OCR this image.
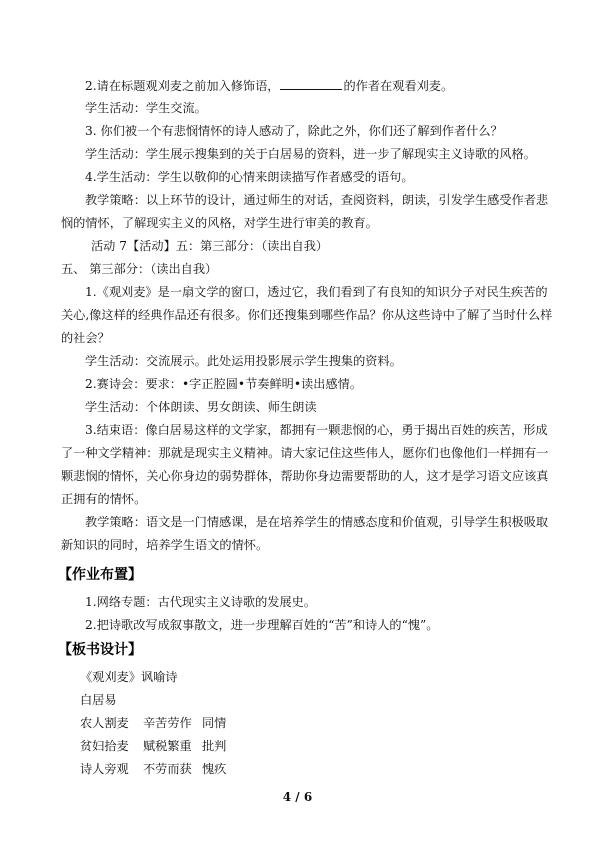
2.请在标题观刈麦之前加入修饰语，	的作者在观看刈麦。
学生活动：学生交流。
3. 你们被一个有悲悯情怀的诗人感动了，除此之外，你们还了解到作者什么？
学生活动：学生展示搜集到的关于白居易的资料，进一步了解现实主义诗歌的风格。
4.学生活动：学生以敬仰的心情来朗读描写作者感受的语句。
教学策略：以上环节的设计，通过师生的对话，查阅资料，朗读，引发学生感受作者悲
悯的情怀，了解现实主义的风格，对学生进行审美的教育。
活动 7【活动】五：第三部分：（读出自我）
五、 第三部分：（读出自我）
1.《观刈麦》是一扇文学的窗口，透过它，我们看到了有良知的知识分子对民生疾苦的
关心,像这样的经典作品还有很多。你们还搜集到哪些作品？你从这些诗中了解了当时什么样
的社会？
学生活动：交流展示。此处运用投影展示学生搜集的资料。
2.赛诗会：要求：•字正腔圆•节奏鲜明•读出感情。
学生活动：个体朗读、男女朗读、师生朗读
3.结束语：像白居易这样的文学家，都拥有一颗悲悯的心，勇于揭出百姓的疾苦，形成
了一种文学精神：那就是现实主义精神。请大家记住这些伟人，愿你们也像他们一样拥有一
颗悲悯的情怀，关心你身边的弱势群体，帮助你身边需要帮助的人，这才是学习语文应该真
正拥有的情怀。
教学策略：语文是一门情感课，是在培养学生的情感态度和价值观，引导学生积极吸取
新知识的同时，培养学生语文的情怀。
【作业布置】
1.网络专题：古代现实主义诗歌的发展史。
2.把诗歌改写成叙事散文，进一步理解百姓的“苦”和诗人的“愧”。
【板书设计】
《观刈麦》讽喻诗
白居易
农人割麦 辛苦劳作 同情
贫妇拾麦 赋税繁重 批判
诗人旁观 不劳而获 愧疚
4 / 6
